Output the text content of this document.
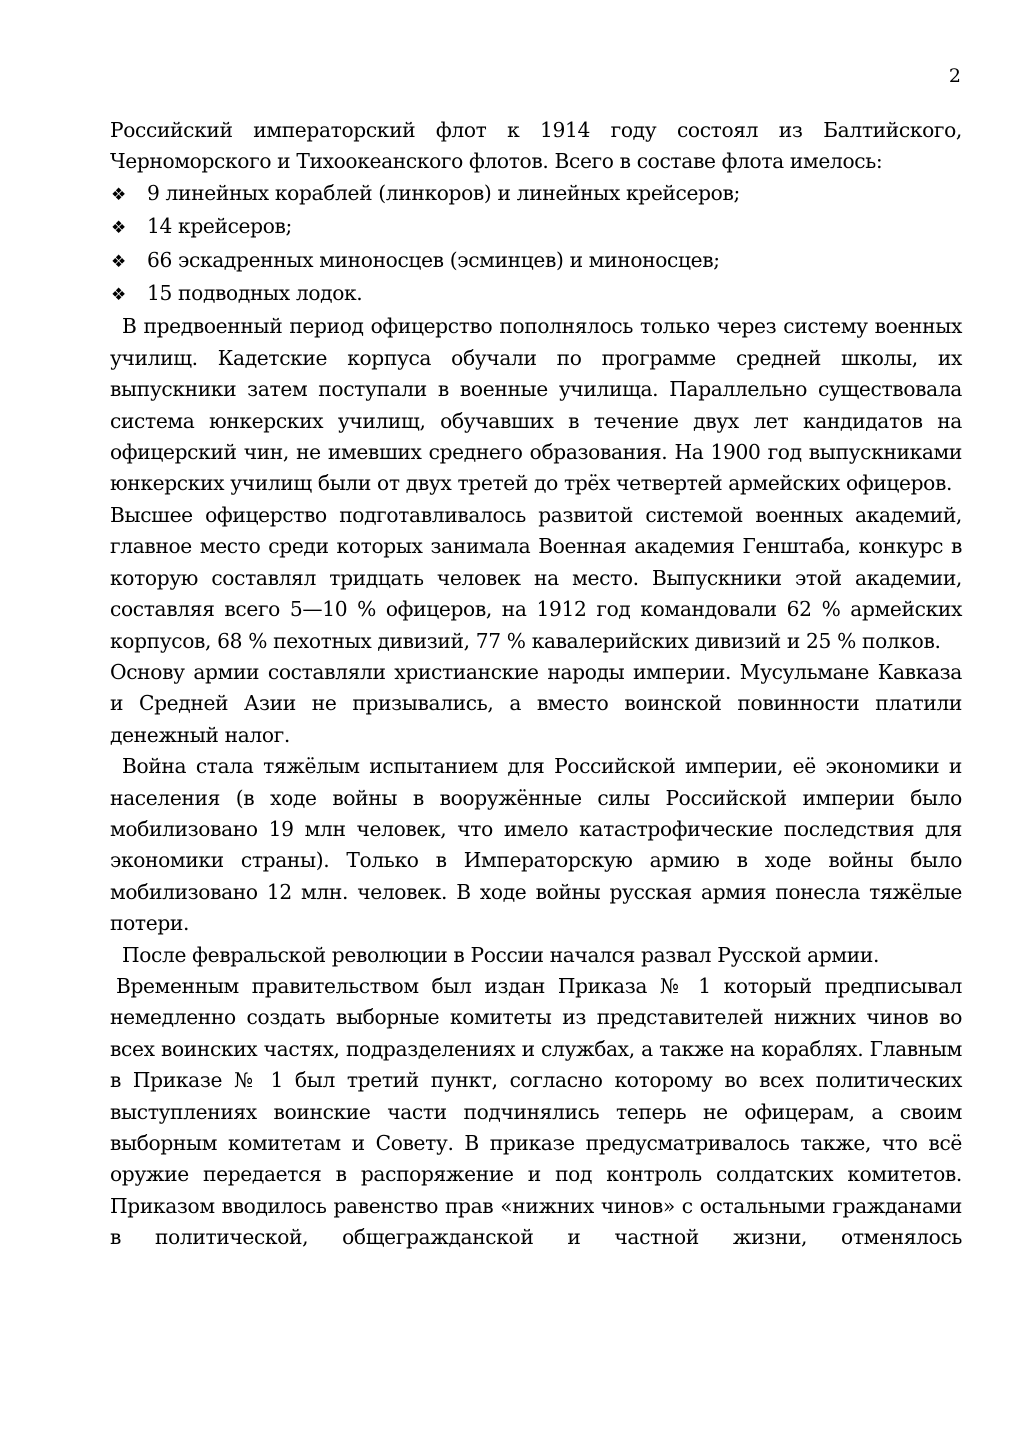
2

Российский императорский флот к 1914 году состоял из Балтийского, Черноморского и Тихоокеанского флотов. Всего в составе флота имелось:

❖	9 линейных кораблей (линкоров) и линейных крейсеров;
❖	14 крейсеров;
❖	66 эскадренных миноносцев (эсминцев) и миноносцев;
❖	15 подводных лодок.

В предвоенный период офицерство пополнялось только через систему военных училищ. Кадетские корпуса обучали по программе средней школы, их выпускники затем поступали в военные училища. Параллельно существовала система юнкерских училищ, обучавших в течение двух лет кандидатов на офицерский чин, не имевших среднего образования. На 1900 год выпускниками юнкерских училищ были от двух третей до трёх четвертей армейских офицеров.

Высшее офицерство подготавливалось развитой системой военных академий, главное место среди которых занимала Военная академия Генштаба, конкурс в которую составлял тридцать человек на место. Выпускники этой академии, составляя всего 5—10 % офицеров, на 1912 год командовали 62 % армейских корпусов, 68 % пехотных дивизий, 77 % кавалерийских дивизий и 25 % полков.

Основу армии составляли христианские народы империи. Мусульмане Кавказа и Средней Азии не призывались, а вместо воинской повинности платили денежный налог.

Война стала тяжёлым испытанием для Российской империи, её экономики и населения (в ходе войны в вооружённые силы Российской империи было мобилизовано 19 млн человек, что имело катастрофические последствия для экономики страны). Только в Императорскую армию в ходе войны было мобилизовано 12 млн. человек. В ходе войны русская армия понесла тяжёлые потери.

После февральской революции в России начался развал Русской армии.

Временным правительством был издан Приказа № 1 который предписывал немедленно создать выборные комитеты из представителей нижних чинов во всех воинских частях, подразделениях и службах, а также на кораблях. Главным в Приказе № 1 был третий пункт, согласно которому во всех политических выступлениях воинские части подчинялись теперь не офицерам, а своим выборным комитетам и Совету. В приказе предусматривалось также, что всё оружие передается в распоряжение и под контроль солдатских комитетов. Приказом вводилось равенство прав «нижних чинов» с остальными гражданами в политической, общегражданской и частной жизни, отменялось
